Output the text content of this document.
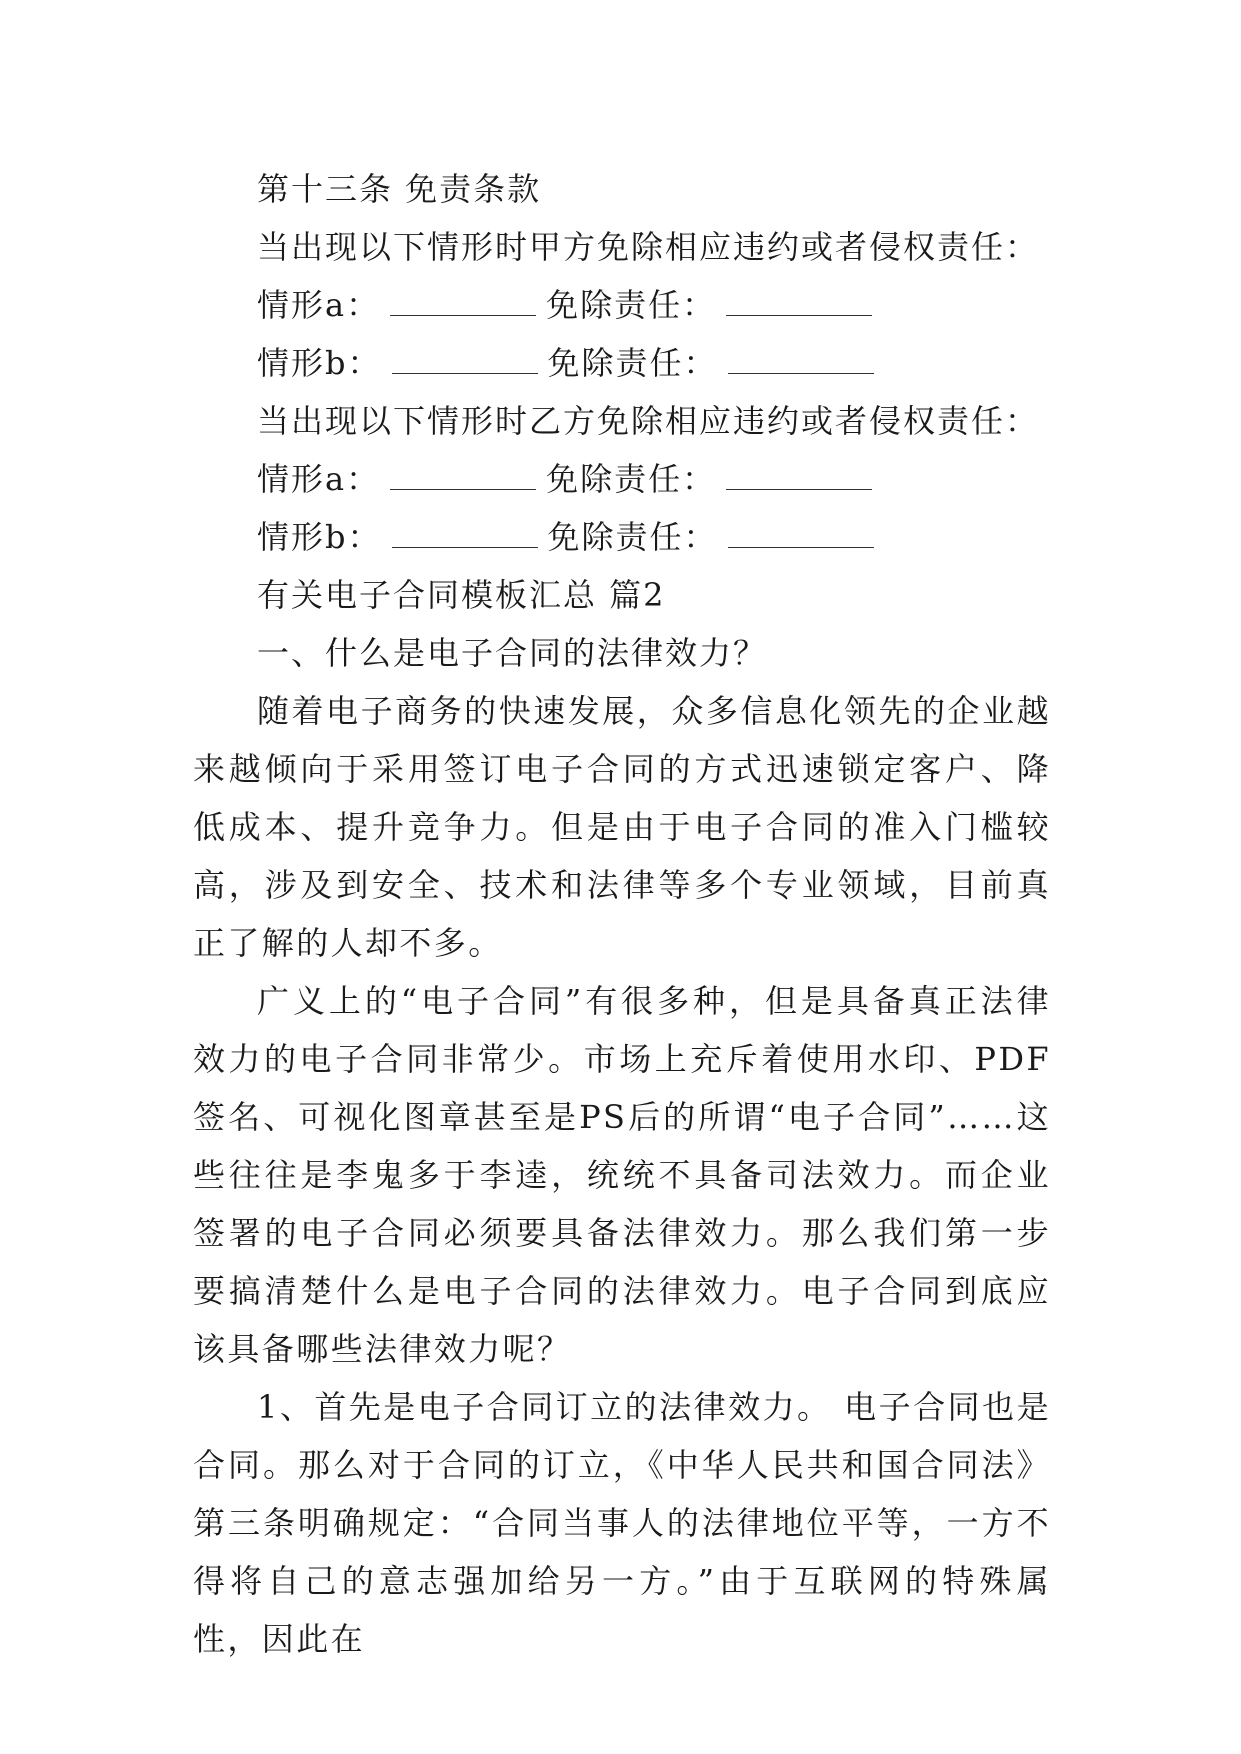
第十三条 免责条款
当出现以下情形时甲方免除相应违约或者侵权责任：
情形a：	免除责任：
情形b：	免除责任：
当出现以下情形时乙方免除相应违约或者侵权责任：
情形a：	免除责任：
情形b：	免除责任：
有关电子合同模板汇总 篇2
一、什么是电子合同的法律效力？

随着电子商务的快速发展，众多信息化领先的企业越来越倾向于采用签订电子合同的方式迅速锁定客户、降低成本、提升竞争力。但是由于电子合同的准入门槛较高，涉及到安全、技术和法律等多个专业领域，目前真正了解的人却不多。

广义上的“电子合同”有很多种，但是具备真正法律效力的电子合同非常少。市场上充斥着使用水印、PDF签名、可视化图章甚至是PS后的所谓“电子合同”……这些往往是李鬼多于李逵，统统不具备司法效力。而企业签署的电子合同必须要具备法律效力。那么我们第一步要搞清楚什么是电子合同的法律效力。电子合同到底应该具备哪些法律效力呢？

1、首先是电子合同订立的法律效力。 电子合同也是合同。那么对于合同的订立，《中华人民共和国合同法》第三条明确规定：“合同当事人的法律地位平等，一方不得将自己的意志强加给另一方。”由于互联网的特殊属性，因此在
